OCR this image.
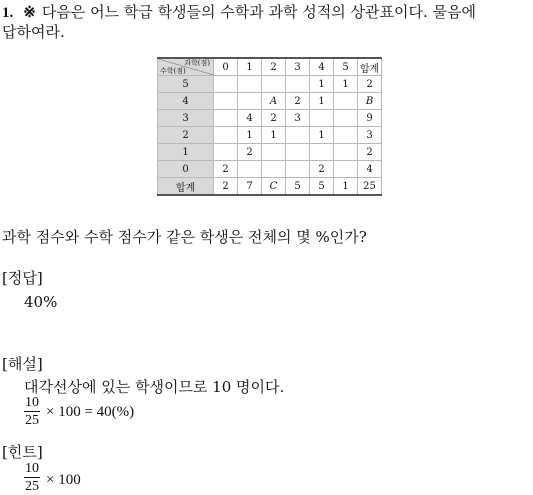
1. ※ 다음은 어느 학급 학생들의 수학과 과학 성적의 상관표이다. 물음에
답하여라.
과학(점)
수학(점)	0	1	2	3	4	5	합계
5					1	1	2
4			A	2	1		B
3		4	2	3			9
2		1	1		1		3
1		2					2
0	2				2		4
합계	2	7	C	5	5	1	25
과학 점수와 수학 점수가 같은 학생은 전체의 몇 %인가?
[정답]
40%
[해설]
대각선상에 있는 학생이므로 10 명이다.
10
25
× 100 = 40(%)
[힌트]
10
25 × 100
